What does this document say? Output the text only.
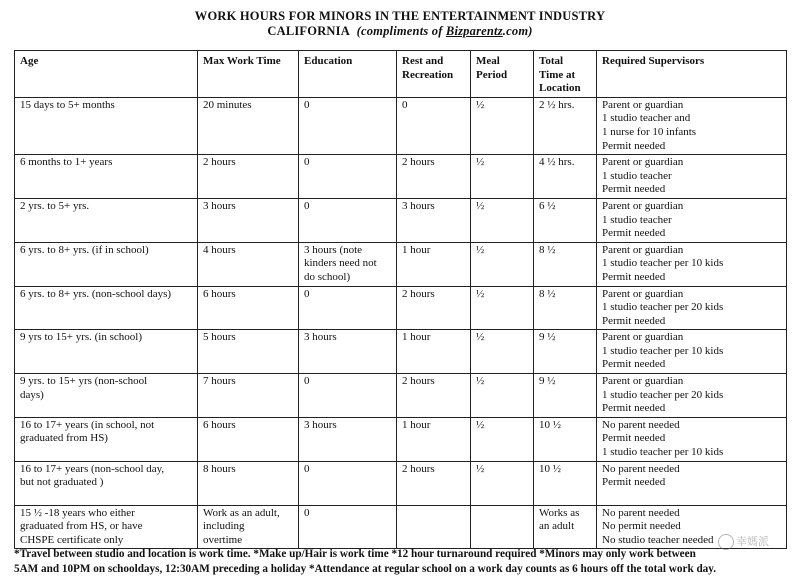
WORK HOURS FOR MINORS IN THE ENTERTAINMENT INDUSTRY
CALIFORNIA (compliments of Bizparentz.com)
Age	Max Work Time	Education	Rest and
Recreation	Meal
Period	Total
Time at
Location	Required Supervisors

15 days to 5+ months	20 minutes	0	0	½	2 ½ hrs.	Parent or guardian
1 studio teacher and
1 nurse for 10 infants
Permit needed

6 months to 1+ years	2 hours	0	2 hours	½	4 ½ hrs.	Parent or guardian
1 studio teacher
Permit needed

2 yrs. to 5+ yrs.	3 hours	0	3 hours	½	6 ½	Parent or guardian
1 studio teacher
Permit needed

6 yrs. to 8+ yrs. (if in school)	4 hours	3 hours (note
kinders need not
do school)	1 hour	½	8 ½	Parent or guardian
1 studio teacher per 10 kids
Permit needed

6 yrs. to 8+ yrs. (non-school days)	6 hours	0	2 hours	½	8 ½	Parent or guardian
1 studio teacher per 20 kids
Permit needed

9 yrs to 15+ yrs. (in school)	5 hours	3 hours	1 hour	½	9 ½	Parent or guardian
1 studio teacher per 10 kids
Permit needed

9 yrs. to 15+ yrs (non-school
days)	7 hours	0	2 hours	½	9 ½	Parent or guardian
1 studio teacher per 20 kids
Permit needed

16 to 17+ years (in school, not
graduated from HS)	6 hours	3 hours	1 hour	½	10 ½	No parent needed
Permit needed
1 studio teacher per 10 kids

16 to 17+ years (non-school day,
but not graduated )	8 hours	0	2 hours	½	10 ½	No parent needed
Permit needed

15 ½ -18 years who either
graduated from HS, or have
CHSPE certificate only	Work as an adult,
including
overtime	0			Works as
an adult	No parent needed
No permit needed
No studio teacher needed
*Travel between studio and location is work time. *Make up/Hair is work time *12 hour turnaround required *Minors may only work between
5AM and 10PM on schooldays, 12:30AM preceding a holiday *Attendance at regular school on a work day counts as 6 hours off the total work day.
幸媽派
